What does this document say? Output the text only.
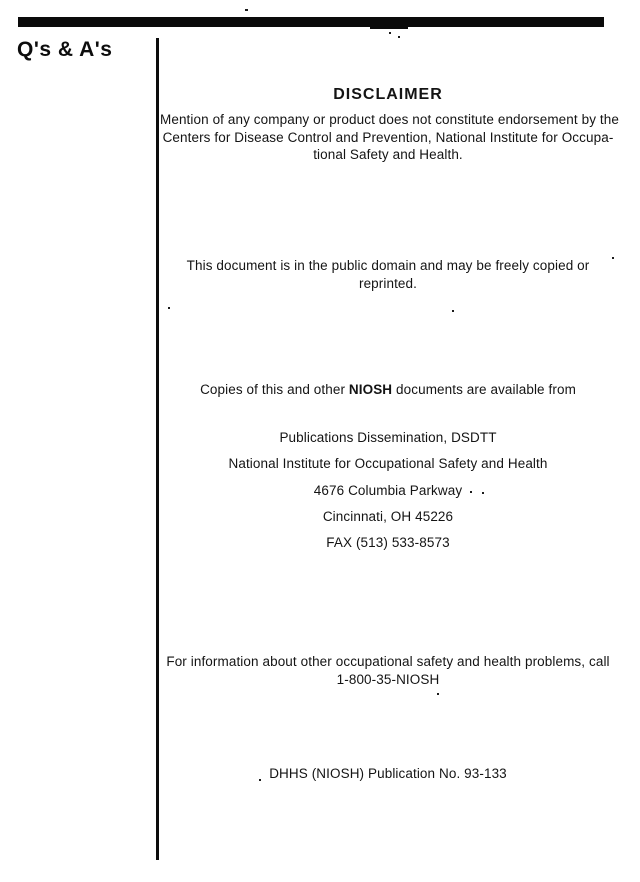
Q's & A's
DISCLAIMER
Mention of any company or product does not constitute endorsement by the
Centers for Disease Control and Prevention, National Institute for Occupa-
tional Safety and Health.
This document is in the public domain and may be freely copied or
reprinted.
Copies of this and other NIOSH documents are available from
Publications Dissemination, DSDTT
National Institute for Occupational Safety and Health
4676 Columbia Parkway
Cincinnati, OH 45226
FAX (513) 533-8573
For information about other occupational safety and health problems, call
1-800-35-NIOSH
DHHS (NIOSH) Publication No. 93-133
